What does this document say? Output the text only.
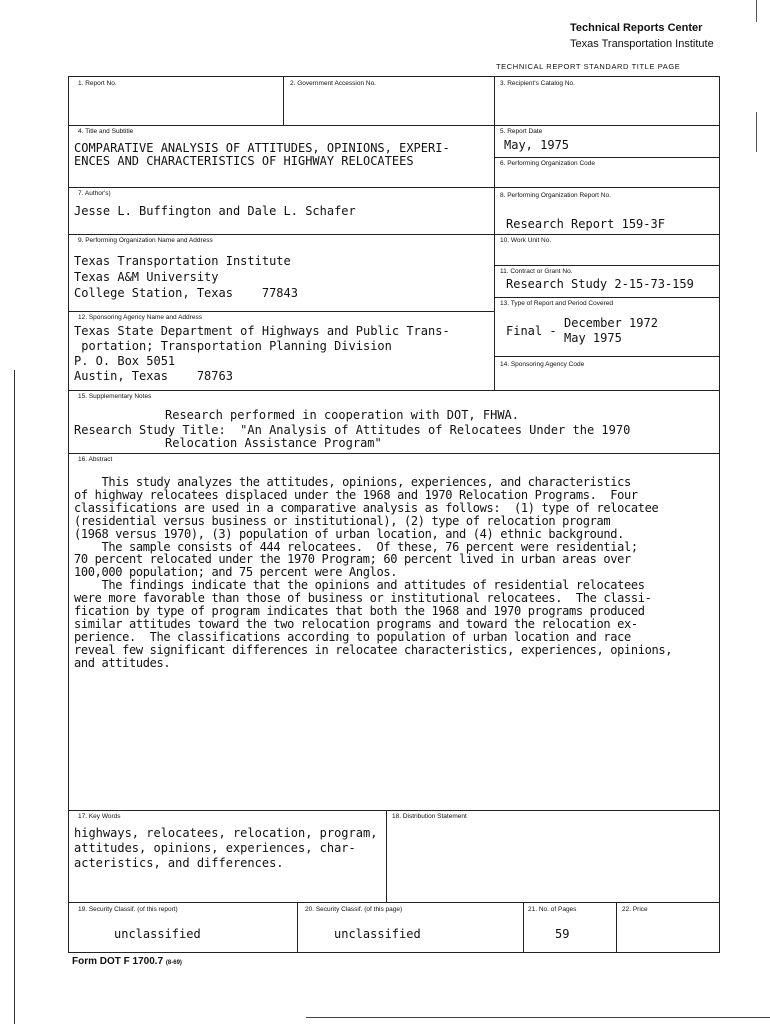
Technical Reports Center
Texas Transportation Institute
TECHNICAL REPORT STANDARD TITLE PAGE
1. Report No.	2. Government Accession No.	3. Recipient's Catalog No.
4. Title and Subtitle
COMPARATIVE ANALYSIS OF ATTITUDES, OPINIONS, EXPERI-
ENCES AND CHARACTERISTICS OF HIGHWAY RELOCATEES
5. Report Date
May, 1975
6. Performing Organization Code
7. Author's)
Jesse L. Buffington and Dale L. Schafer
8. Performing Organization Report No.
Research Report 159-3F
9. Performing Organization Name and Address
Texas Transportation Institute
Texas A&M University
College Station, Texas    77843
10. Work Unit No.
11. Contract or Grant No.
Research Study 2-15-73-159
13. Type of Report and Period Covered
Final -
December 1972
May 1975
12. Sponsoring Agency Name and Address
Texas State Department of Highways and Public Trans-
portation; Transportation Planning Division
P. O. Box 5051
Austin, Texas    78763
14. Sponsoring Agency Code
15. Supplementary Notes
Research performed in cooperation with DOT, FHWA.
Research Study Title:  "An Analysis of Attitudes of Relocatees Under the 1970
Relocation Assistance Program"
16. Abstract
This study analyzes the attitudes, opinions, experiences, and characteristics
of highway relocatees displaced under the 1968 and 1970 Relocation Programs.  Four
classifications are used in a comparative analysis as follows:  (1) type of relocatee
(residential versus business or institutional), (2) type of relocation program
(1968 versus 1970), (3) population of urban location, and (4) ethnic background.
The sample consists of 444 relocatees.  Of these, 76 percent were residential;
70 percent relocated under the 1970 Program; 60 percent lived in urban areas over
100,000 population; and 75 percent were Anglos.
The findings indicate that the opinions and attitudes of residential relocatees
were more favorable than those of business or institutional relocatees.  The classi-
fication by type of program indicates that both the 1968 and 1970 programs produced
similar attitudes toward the two relocation programs and toward the relocation ex-
perience.  The classifications according to population of urban location and race
reveal few significant differences in relocatee characteristics, experiences, opinions,
and attitudes.
17. Key Words
highways, relocatees, relocation, program,
attitudes, opinions, experiences, char-
acteristics, and differences.
18. Distribution Statement
19. Security Classif. (of this report)
unclassified
20. Security Classif. (of this page)
unclassified
21. No. of Pages
59
22. Price
Form DOT F 1700.7 (8-69)
